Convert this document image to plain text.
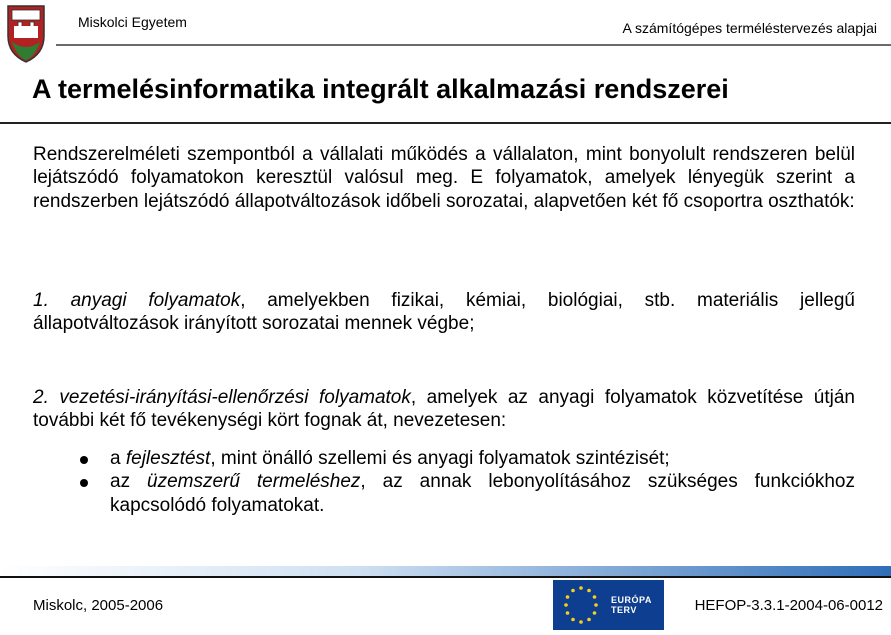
Miskolci Egyetem	A számítógépes terméléstervezés alapjai
A termelésinformatika integrált alkalmazási rendszerei
Rendszerelméleti szempontból a vállalati működés a vállalaton, mint bonyolult rendszeren belül lejátszódó folyamatokon keresztül valósul meg. E folyamatok, amelyek lényegük szerint a rendszerben lejátszódó állapotváltozások időbeli sorozatai, alapvetően két fő csoportra oszthatók:
1. anyagi folyamatok, amelyekben fizikai, kémiai, biológiai, stb. materiális jellegű állapotváltozások irányított sorozatai mennek végbe;
2. vezetési-irányítási-ellenőrzési folyamatok, amelyek az anyagi folyamatok közvetítése útján további két fő tevékenységi kört fognak át, nevezetesen:
a fejlesztést, mint önálló szellemi és anyagi folyamatok szintézisét;
az üzemszerű termeléshez, az annak lebonyolításához szükséges funkciókhoz kapcsolódó folyamatokat.
Miskolc, 2005-2006	EURÓPA TERV	HEFOP-3.3.1-2004-06-0012
